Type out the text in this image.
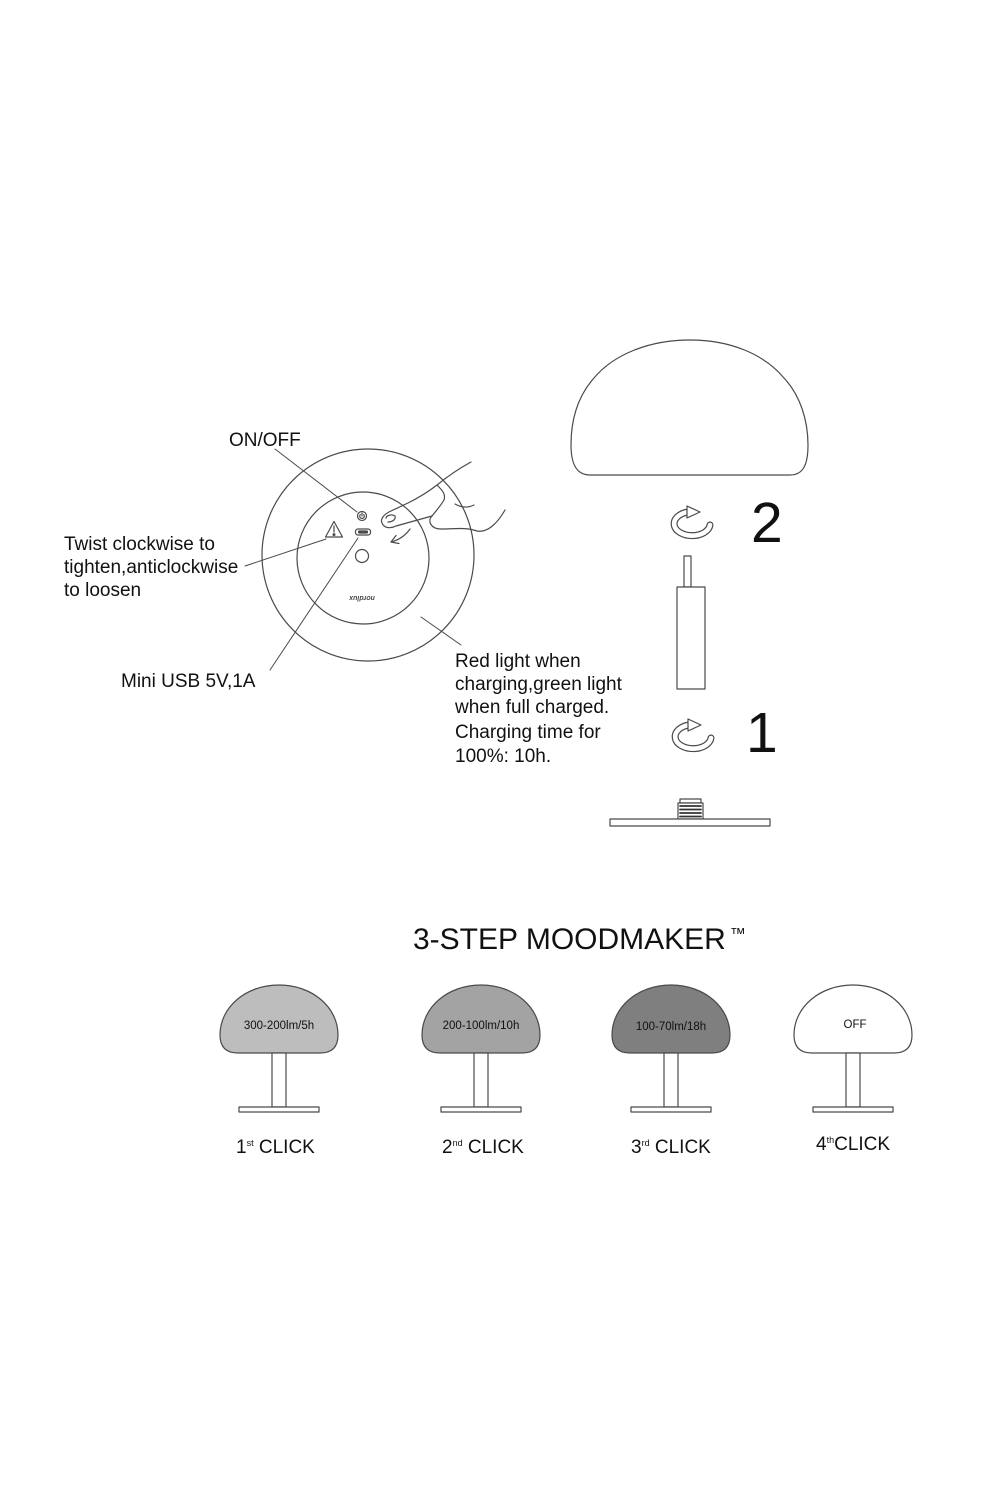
nordlux
ON/OFF
Twist clockwise to
tighten,anticlockwise
to loosen
Mini USB 5V,1A
Red light when
charging,green light
when full charged.
Charging time for
100%: 10h.
2
1
3-STEP MOODMAKER ™
300-200lm/5h	200-100lm/10h	100-70lm/18h	OFF
1st CLICK	2nd CLICK	3rd CLICK	4thCLICK
